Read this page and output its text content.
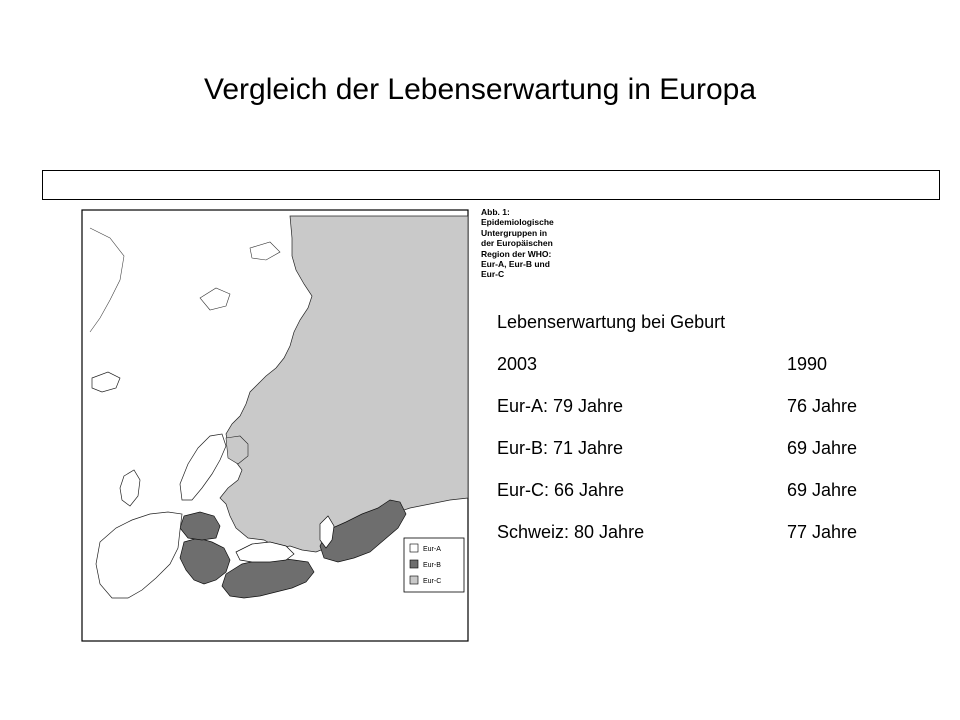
Vergleich der Lebenserwartung in Europa
Eur-A
Eur-B
Eur-C
Abb. 1:
Epidemiologische
Untergruppen in
der Europäischen
Region der WHO:
Eur-A, Eur-B und
Eur-C
Lebenserwartung bei Geburt
2003	1990
Eur-A: 79 Jahre	76 Jahre
Eur-B: 71 Jahre	69 Jahre
Eur-C: 66 Jahre	69 Jahre
Schweiz: 80 Jahre	77 Jahre
